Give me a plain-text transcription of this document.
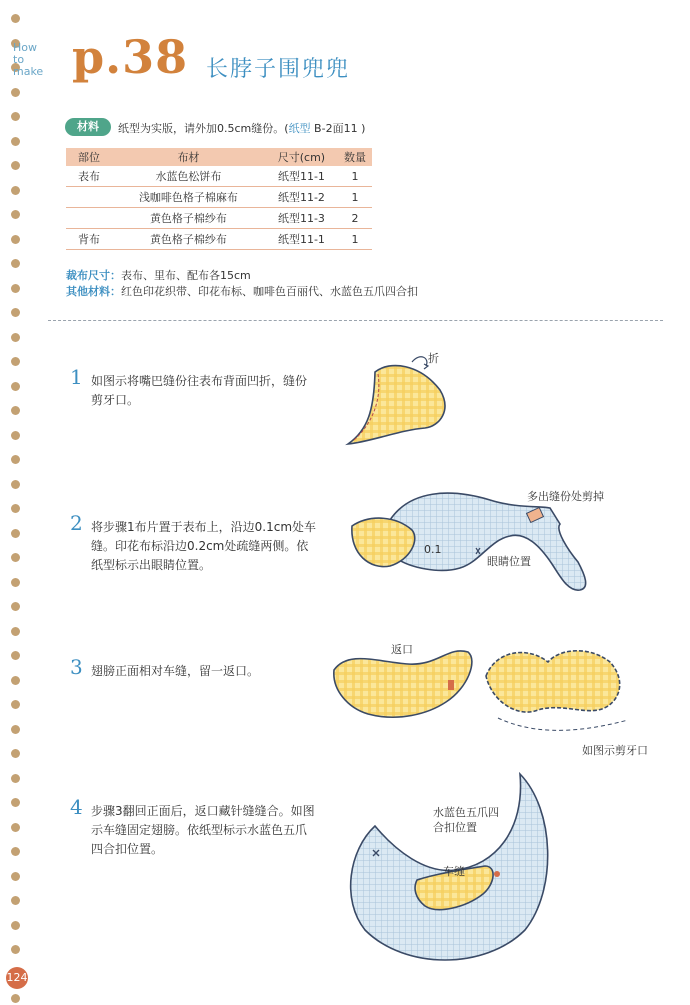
How to make p.38 长脖子围兜兜
材料	纸型为实版，请外加0.5cm缝份。(纸型 B-2面11 )
部位	布材	尺寸(cm)	数量
表布	水蓝色松饼布	纸型11-1	1
	浅咖啡色格子棉麻布	纸型11-2	1
	黄色格子棉纱布	纸型11-3	2
背布	黄色格子棉纱布	纸型11-1	1
裁布尺寸：表布、里布、配布各15cm
其他材料：红色印花织带、印花布标、咖啡色百丽代、水蓝色五爪四合扣
1 如图示将嘴巴缝份往表布背面凹折，缝份剪牙口。
2 将步骤1布片置于表布上，沿边0.1cm处车缝。印花布标沿边0.2cm处疏缝两侧。依纸型标示出眼睛位置。
3 翅膀正面相对车缝，留一返口。
4 步骤3翻回正面后，返口藏针缝缝合。如图示车缝固定翅膀。依纸型标示水蓝色五爪四合扣位置。
折
多出缝份处剪掉
0.1
眼睛位置
返口
如图示剪牙口
水蓝色五爪四合扣位置
车缝
124
